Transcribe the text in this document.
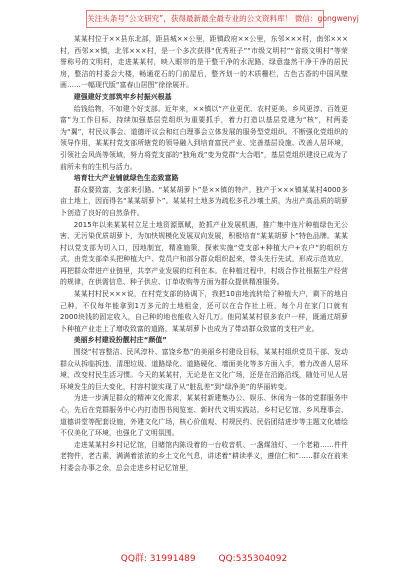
关注头条号“公文研究”，获得最新最全最专业的公文资料库！ 微信：gongwenyj

某某村位于××县东北部，距县城××公里，距镇政府××公里，东邻×××村，南邻×××村，西邻××镇，北邻×××村，是一个多次获得“优秀班子”“市级文明村”“省级文明村”等荣誉称号的文明村，走进某某村，映入眼帘的是干整干净的水泥路，绿意盎然干净干净的居民房，整洁的村委会大楼，畅通花石的门前屋后，整齐划一的木质栅栏，古色古香的中国风壁画……一幅现代版“富春山居图”徐徐展开。

建强建好支部筑牢乡村振兴根基

给钱给物，不如建个好支部。近年来，××镇以“产业更优、农村更美、乡风更淳、百姓更富”为工作目标，持续加强基层党组织为重要抓手，着力打造以基层党建为“核”，村两委为“翼”，村民议事会、道德评议会和红白理事会立体发展的服务型党组织。不断强化党组织的领导作用，某某村党支部所辖党的领导融入到培育富民产业、完善基层设施、改善人居环境，引领社会风尚等领域，努力将党支部的“独角戏”变为党群“大合唱”，基层党组织建设已成为了前所未有的生机与活力。

培育壮大产业铺就绿色生态致富路

群众要致富，支部来引路。“某某胡萝卜”是××镇的特产，独产于×××镇某某村4000多亩土地上，因而得名“某某胡萝卜”。某某村土地多为疏松多孔沙壤土质，为出产高品质的胡萝卜创造了良好的自然条件。

2015年以来某某村立足土地资源禀赋，抢抓产业发展机遇，推广集中连片种植绿色无公害、无污染优质胡萝卜，为加快规模化发展双向发展，积极培育“某某胡萝卜”特色品牌。某某村以党支部为切入口，因地制宜，精准施策，探索实施“党支部+种植大户+农户”的组织方式，由党支部牵头把种植大户、党员户和部分群众组织起来，带头先行先试，形成示范效应，再把群众带进产业链里，共享产业发展的红利在本。在种植过程中，村级合作社根据生产经营的规律，在供需信息、种子供应、订单收购等方面为群众提供精准服务。

某某村村民×××说，在村党支部的协调下，我把10亩地流转给了种植大户，剩下的地自己种，不仅每年能拿到1万多元的土地租金，还可以在合作社上班，每个月在家门口就有2000块钱的固定收入，自己种的地也能收入好几万。他同某某村很多农户一样，既通过胡萝卜种植产业走上了增收致富的道路，某某胡萝卜也成为了带动群众致富的支柱产业。

美丽乡村建设扮靓村庄“颜值”

围绕“村容整洁、民风淳朴、富饶乡愁”的美丽乡村建设目标，某某村组织党员干部、发动群众从拆临拆违、清理垃圾、道路绿化、道路硬化、墙面美化等多方面入手，着力改善人居环境，改变村民生活习惯。今天的某某村，无论是在文化广场，还是在沿路沿线，随处可见人居环境发生的巨大变化，村容村貌实现了从“脏乱差”到“绿净美”的华丽转变。

为进一步满足群众的精神文化需求，某某村新建集办公、娱乐、休闲为一体的党群服务中心，先后在党群服务中心内打造图书阅览室、新时代文明实践站、乡村记忆馆、乡风理事会、道德讲堂等配套设施，外建文化广场，核心价值观、村规民约、民俗团结进步等主题文化墙绘不仅美化了环境，也强化了文明氛围。

走进某某村乡村记忆馆，目睹馆内陈设着的一台收音机、一盏煤油灯、一个老箱……件件老物件，老古素，满满着浓浓的乡土文化气息，讲述着“耕读孝义，遵信仁和”……群众在前来村委会办事之余，总会走进乡村记忆馆里，

QQ群: 31991489	QQ:535304092
